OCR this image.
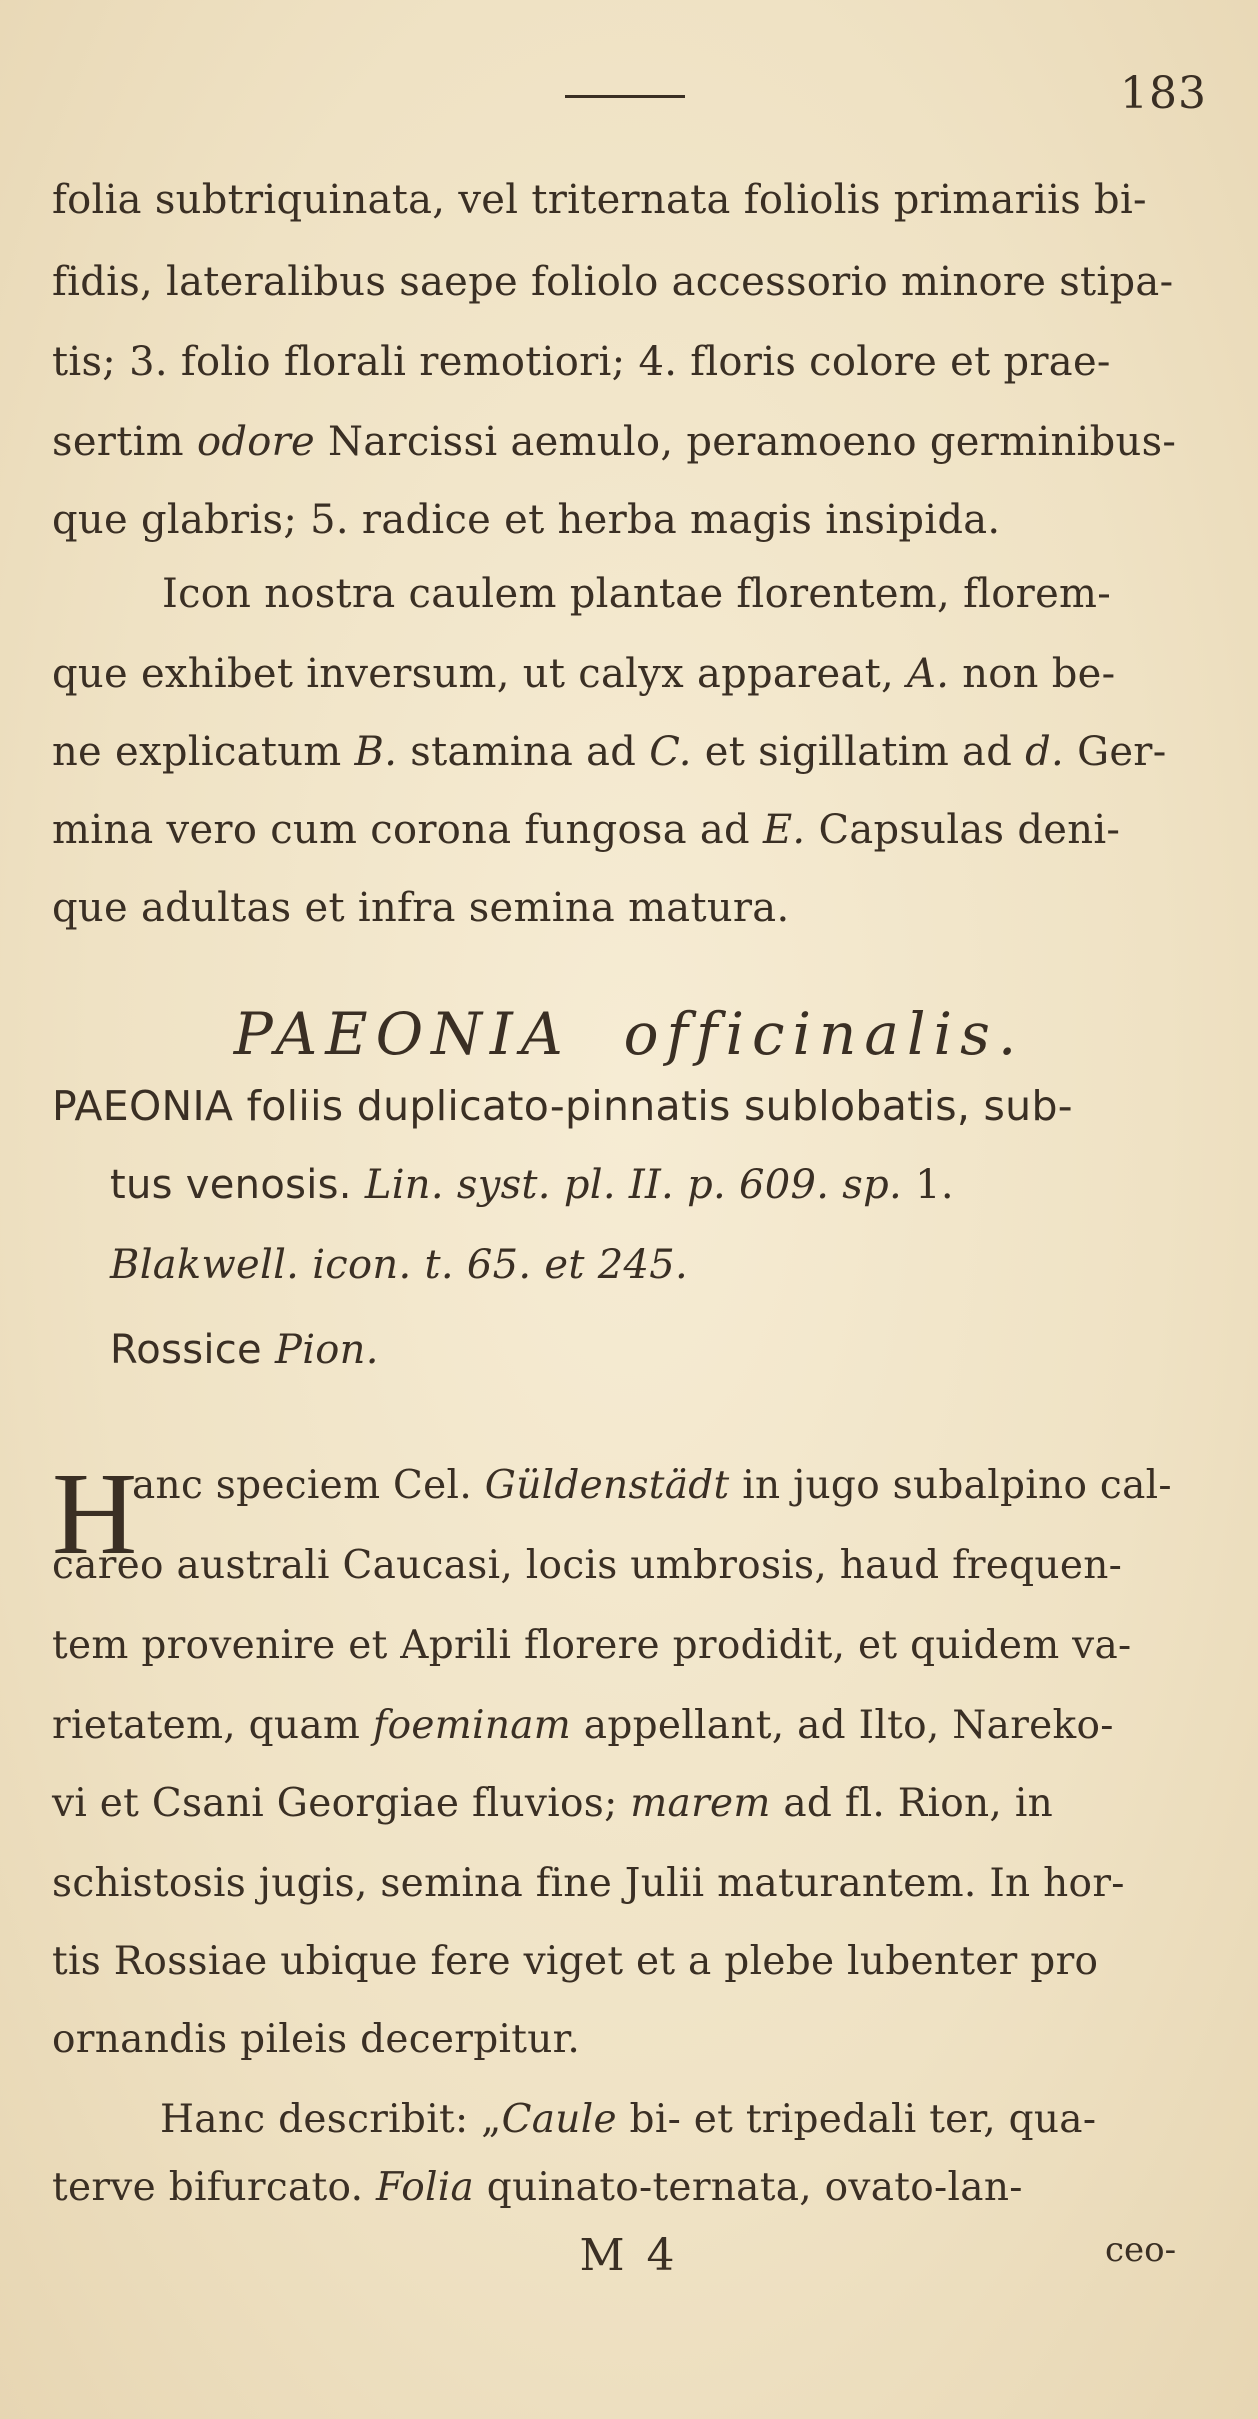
183
folia subtriquinata, vel triternata foliolis primariis bi-
fidis, lateralibus saepe foliolo accessorio minore stipa-
tis; 3. folio florali remotiori; 4. floris colore et prae-
sertim odore Narcissi aemulo, peramoeno germinibus-
que glabris; 5. radice et herba magis insipida.
Icon nostra caulem plantae florentem, florem-
que exhibet inversum, ut calyx appareat, A. non be-
ne explicatum B. stamina ad C. et sigillatim ad d. Ger-
mina vero cum corona fungosa ad E. Capsulas deni-
que adultas et infra semina matura.
PAEONIA officinalis.
PAEONIA foliis duplicato-pinnatis sublobatis, sub-
tus venosis. Lin. syst. pl. II. p. 609. sp. 1.
Blakwell. icon. t. 65. et 245.
Rossice Pion.
H
anc speciem Cel. Güldenstädt in jugo subalpino cal-
careo australi Caucasi, locis umbrosis, haud frequen-
tem provenire et Aprili florere prodidit, et quidem va-
rietatem, quam foeminam appellant, ad Ilto, Nareko-
vi et Csani Georgiae fluvios; marem ad fl. Rion, in
schistosis jugis, semina fine Julii maturantem. In hor-
tis Rossiae ubique fere viget et a plebe lubenter pro
ornandis pileis decerpitur.
Hanc describit: „Caule bi- et tripedali ter, qua-
terve bifurcato. Folia quinato-ternata, ovato-lan-
M 4	ceo-
